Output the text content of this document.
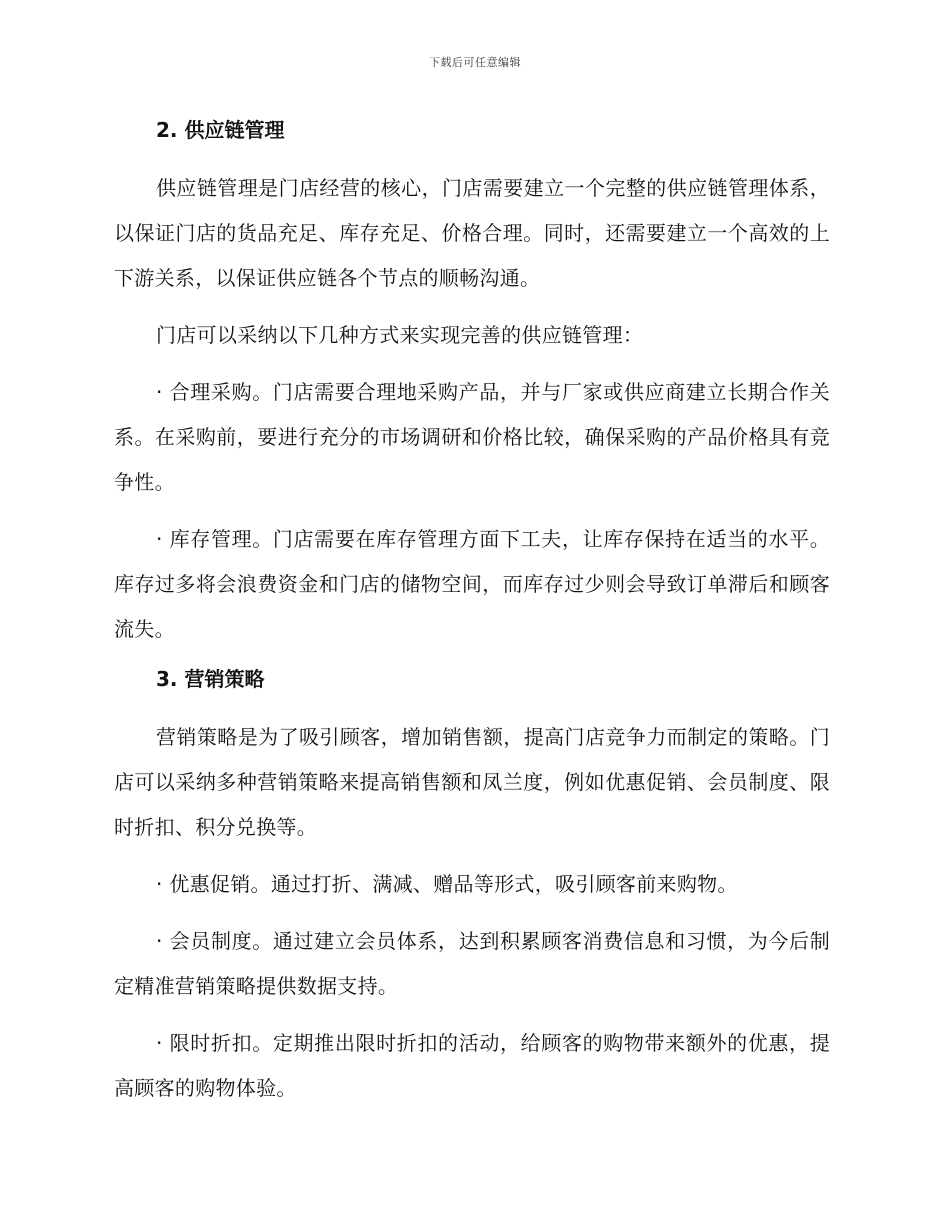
下载后可任意编辑
2. 供应链管理

供应链管理是门店经营的核心，门店需要建立一个完整的供应链管理体系，以保证门店的货品充足、库存充足、价格合理。同时，还需要建立一个高效的上下游关系，以保证供应链各个节点的顺畅沟通。

门店可以采纳以下几种方式来实现完善的供应链管理：

· 合理采购。门店需要合理地采购产品，并与厂家或供应商建立长期合作关系。在采购前，要进行充分的市场调研和价格比较，确保采购的产品价格具有竞争性。

· 库存管理。门店需要在库存管理方面下工夫，让库存保持在适当的水平。库存过多将会浪费资金和门店的储物空间，而库存过少则会导致订单滞后和顾客流失。

3. 营销策略

营销策略是为了吸引顾客，增加销售额，提高门店竞争力而制定的策略。门店可以采纳多种营销策略来提高销售额和凤兰度，例如优惠促销、会员制度、限时折扣、积分兑换等。

· 优惠促销。通过打折、满减、赠品等形式，吸引顾客前来购物。

· 会员制度。通过建立会员体系，达到积累顾客消费信息和习惯，为今后制定精准营销策略提供数据支持。

· 限时折扣。定期推出限时折扣的活动，给顾客的购物带来额外的优惠，提高顾客的购物体验。
